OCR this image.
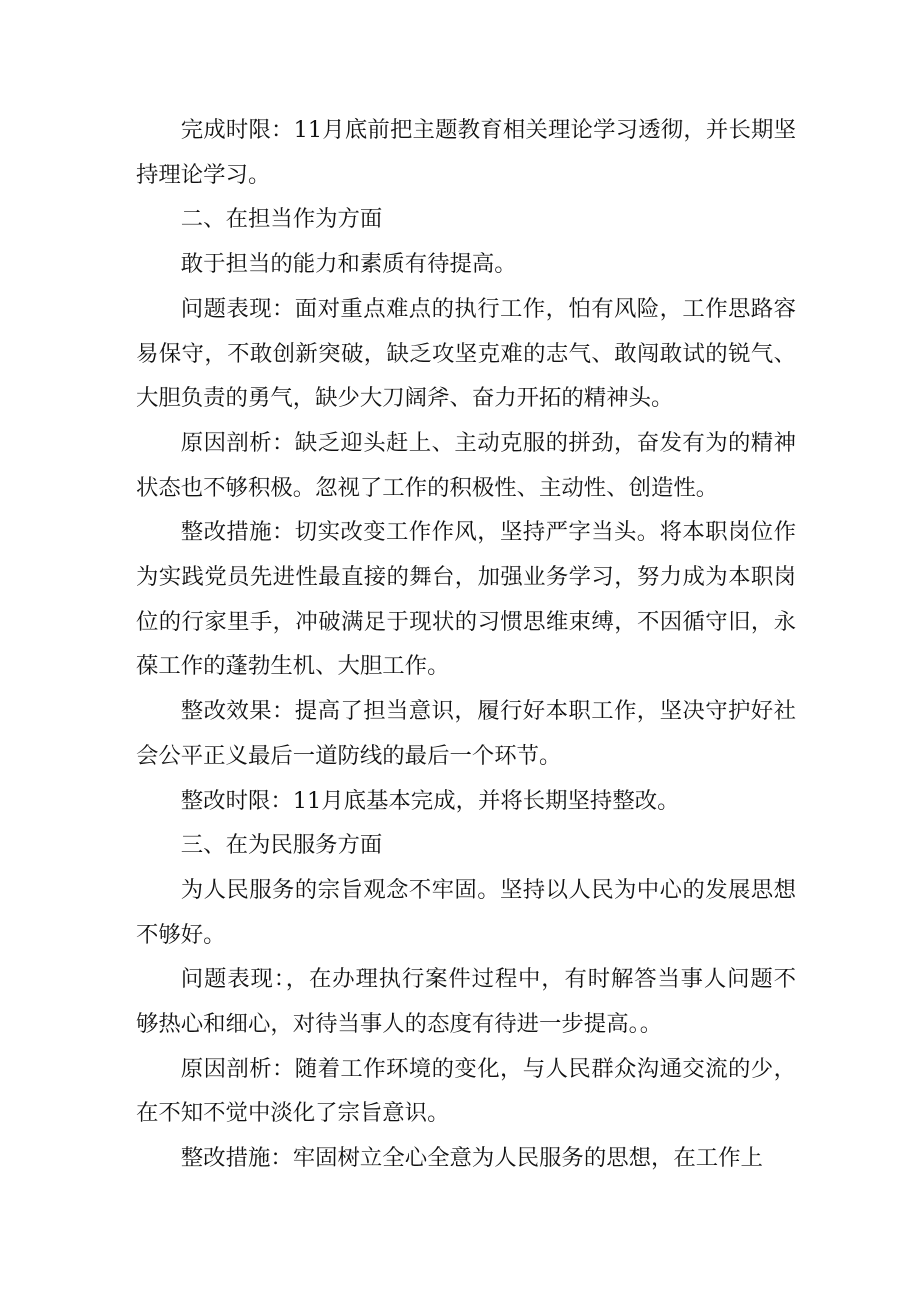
完成时限：11月底前把主题教育相关理论学习透彻，并长期坚持理论学习。

二、在担当作为方面

敢于担当的能力和素质有待提高。

问题表现：面对重点难点的执行工作，怕有风险，工作思路容易保守，不敢创新突破，缺乏攻坚克难的志气、敢闯敢试的锐气、大胆负责的勇气，缺少大刀阔斧、奋力开拓的精神头。

原因剖析：缺乏迎头赶上、主动克服的拼劲，奋发有为的精神状态也不够积极。忽视了工作的积极性、主动性、创造性。

整改措施：切实改变工作作风，坚持严字当头。将本职岗位作为实践党员先进性最直接的舞台，加强业务学习，努力成为本职岗位的行家里手，冲破满足于现状的习惯思维束缚，不因循守旧，永葆工作的蓬勃生机、大胆工作。

整改效果：提高了担当意识，履行好本职工作，坚决守护好社会公平正义最后一道防线的最后一个环节。

整改时限：11月底基本完成，并将长期坚持整改。

三、在为民服务方面

为人民服务的宗旨观念不牢固。坚持以人民为中心的发展思想不够好。

问题表现：，在办理执行案件过程中，有时解答当事人问题不够热心和细心，对待当事人的态度有待进一步提高。。

原因剖析：随着工作环境的变化，与人民群众沟通交流的少，在不知不觉中淡化了宗旨意识。

整改措施：牢固树立全心全意为人民服务的思想，在工作上
